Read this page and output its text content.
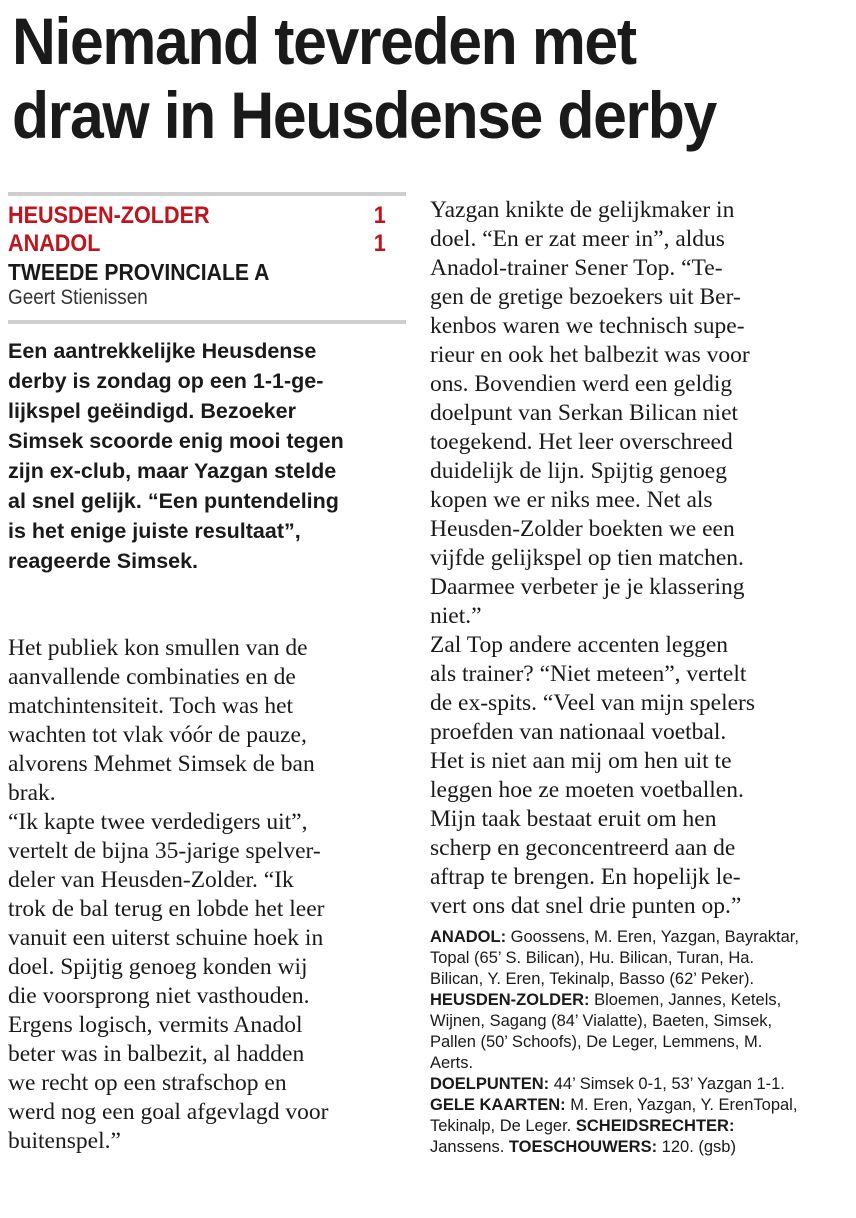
Niemand tevreden met
draw in Heusdense derby
HEUSDEN-ZOLDER	1
ANADOL	1
TWEEDE PROVINCIALE A
Geert Stienissen

Een aantrekkelijke Heusdense
derby is zondag op een 1-1-ge-
lijkspel geëindigd. Bezoeker
Simsek scoorde enig mooi tegen
zijn ex-club, maar Yazgan stelde
al snel gelijk. “Een puntendeling
is het enige juiste resultaat”,
reageerde Simsek.

Het publiek kon smullen van de
aanvallende combinaties en de
matchintensiteit. Toch was het
wachten tot vlak vóór de pauze,
alvorens Mehmet Simsek de ban
brak.
“Ik kapte twee verdedigers uit”,
vertelt de bijna 35-jarige spelver-
deler van Heusden-Zolder. “Ik
trok de bal terug en lobde het leer
vanuit een uiterst schuine hoek in
doel. Spijtig genoeg konden wij
die voorsprong niet vasthouden.
Ergens logisch, vermits Anadol
beter was in balbezit, al hadden
we recht op een strafschop en
werd nog een goal afgevlagd voor
buitenspel.”

Yazgan knikte de gelijkmaker in
doel. “En er zat meer in”, aldus
Anadol-trainer Sener Top. “Te-
gen de gretige bezoekers uit Ber-
kenbos waren we technisch supe-
rieur en ook het balbezit was voor
ons. Bovendien werd een geldig
doelpunt van Serkan Bilican niet
toegekend. Het leer overschreed
duidelijk de lijn. Spijtig genoeg
kopen we er niks mee. Net als
Heusden-Zolder boekten we een
vijfde gelijkspel op tien matchen.
Daarmee verbeter je je klassering
niet.”
Zal Top andere accenten leggen
als trainer? “Niet meteen”, vertelt
de ex-spits. “Veel van mijn spelers
proefden van nationaal voetbal.
Het is niet aan mij om hen uit te
leggen hoe ze moeten voetballen.
Mijn taak bestaat eruit om hen
scherp en geconcentreerd aan de
aftrap te brengen. En hopelijk le-
vert ons dat snel drie punten op.”

ANADOL: Goossens, M. Eren, Yazgan, Bayraktar,
Topal (65’ S. Bilican), Hu. Bilican, Turan, Ha.
Bilican, Y. Eren, Tekinalp, Basso (62’ Peker).
HEUSDEN-ZOLDER: Bloemen, Jannes, Ketels,
Wijnen, Sagang (84’ Vialatte), Baeten, Simsek,
Pallen (50’ Schoofs), De Leger, Lemmens, M.
Aerts.
DOELPUNTEN: 44’ Simsek 0-1, 53’ Yazgan 1-1.
GELE KAARTEN: M. Eren, Yazgan, Y. ErenTopal,
Tekinalp, De Leger. SCHEIDSRECHTER:
Janssens. TOESCHOUWERS: 120. (gsb)
